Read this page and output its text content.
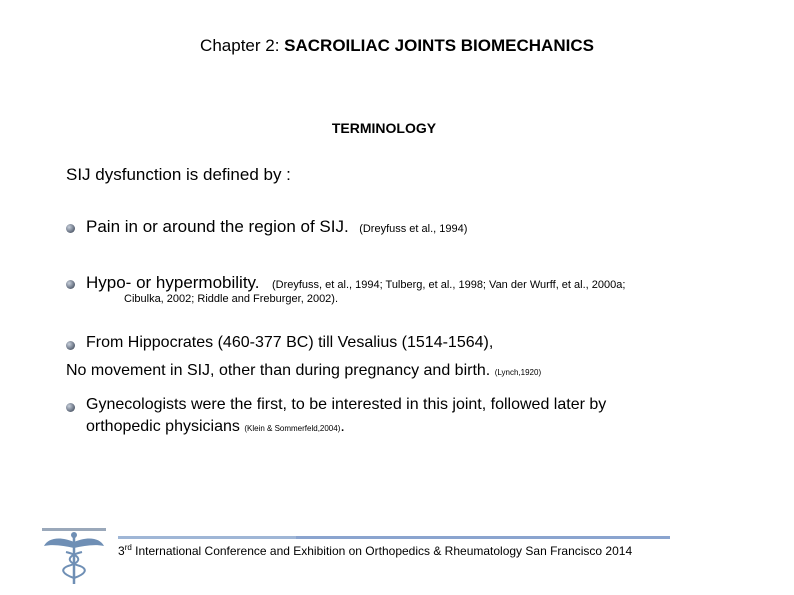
Chapter 2: SACROILIAC JOINTS BIOMECHANICS
TERMINOLOGY
SIJ dysfunction is defined by :
Pain in or around the region of SIJ. (Dreyfuss et al., 1994)
Hypo- or hypermobility. (Dreyfuss, et al., 1994; Tulberg, et al., 1998; Van der Wurff, et al., 2000a;
Cibulka, 2002; Riddle and Freburger, 2002).
From Hippocrates (460-377 BC) till Vesalius (1514-1564),
No movement in SIJ, other than during pregnancy and birth. (Lynch,1920)
Gynecologists were the first, to be interested in this joint, followed later by
orthopedic physicians (Klein & Sommerfeld,2004).
3rd International Conference and Exhibition on Orthopedics & Rheumatology San Francisco 2014
